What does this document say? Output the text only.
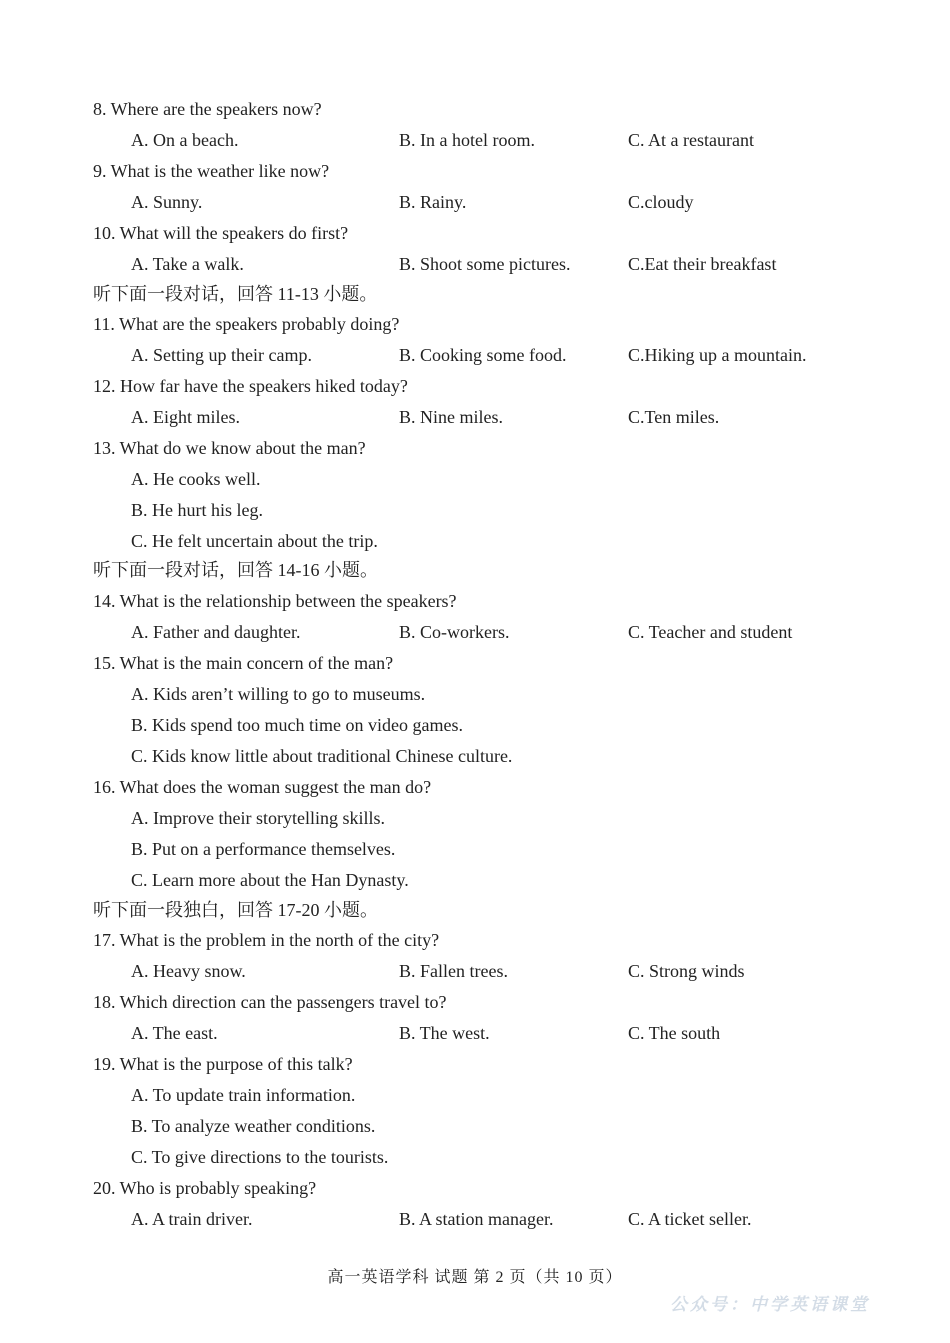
8. Where are the speakers now?
A. On a beach.	B. In a hotel room.	C. At a restaurant
9. What is the weather like now?
A. Sunny.	B. Rainy.	C.cloudy
10. What will the speakers do first?
A. Take a walk.	B. Shoot some pictures.	C.Eat their breakfast
听下面一段对话，回答 11-13 小题。
11. What are the speakers probably doing?
A. Setting up their camp.	B. Cooking some food.	C.Hiking up a mountain.
12. How far have the speakers hiked today?
A. Eight miles.	B. Nine miles.	C.Ten miles.
13. What do we know about the man?
A. He cooks well.
B. He hurt his leg.
C. He felt uncertain about the trip.
听下面一段对话，回答 14-16 小题。
14. What is the relationship between the speakers?
A. Father and daughter.	B. Co-workers.	C. Teacher and student
15. What is the main concern of the man?
A. Kids aren’t willing to go to museums.
B. Kids spend too much time on video games.
C. Kids know little about traditional Chinese culture.
16. What does the woman suggest the man do?
A. Improve their storytelling skills.
B. Put on a performance themselves.
C. Learn more about the Han Dynasty.
听下面一段独白，回答 17-20 小题。
17. What is the problem in the north of the city?
A. Heavy snow.	B. Fallen trees.	C. Strong winds
18. Which direction can the passengers travel to?
A. The east.	B. The west.	C. The south
19. What is the purpose of this talk?
A. To update train information.
B. To analyze weather conditions.
C. To give directions to the tourists.
20. Who is probably speaking?
A. A train driver.	B. A station manager.	C. A ticket seller.
高一英语学科 试题 第 2 页（共 10 页）
公众号：中学英语课堂
